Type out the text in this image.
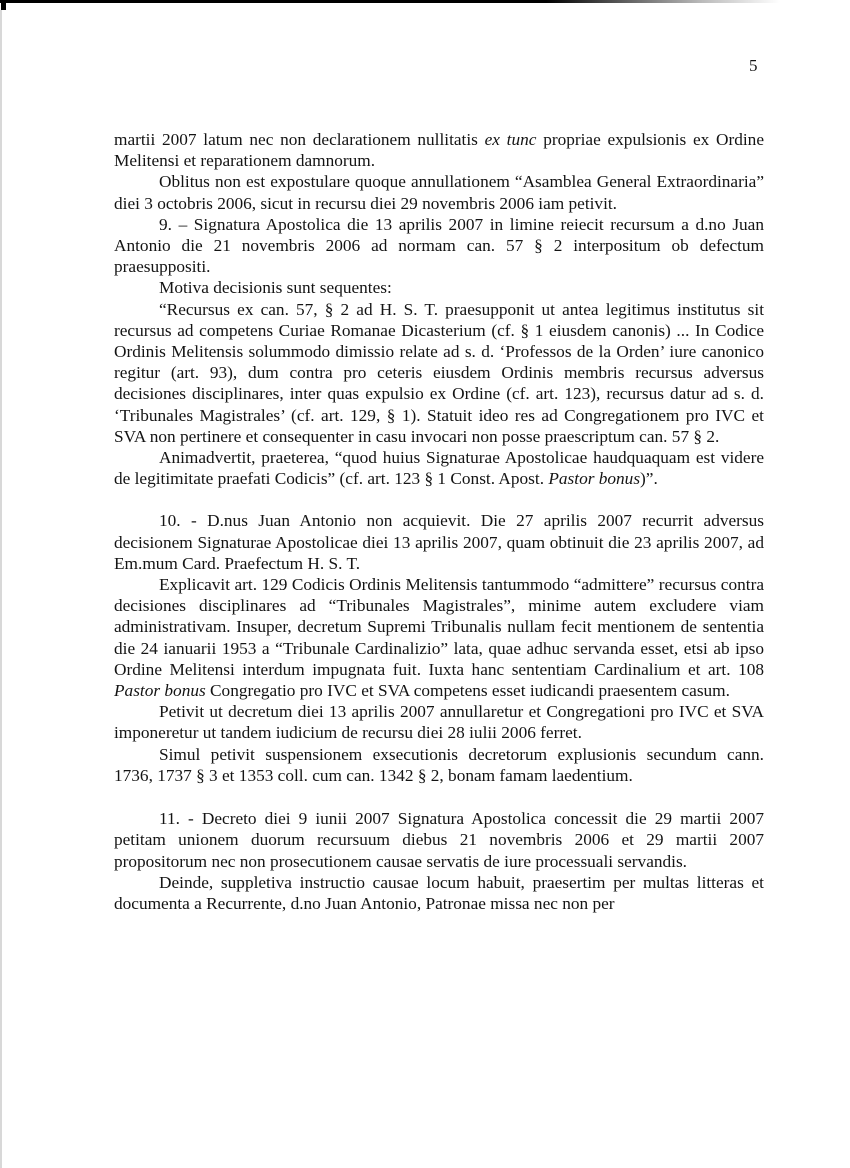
5

martii 2007 latum nec non declarationem nullitatis ex tunc propriae expulsionis ex Ordine Melitensi et reparationem damnorum.

Oblitus non est expostulare quoque annullationem “Asamblea General Extraordinaria” diei 3 octobris 2006, sicut in recursu diei 29 novembris 2006 iam petivit.

9. – Signatura Apostolica die 13 aprilis 2007 in limine reiecit recursum a d.no Juan Antonio die 21 novembris 2006 ad normam can. 57 § 2 interpositum ob defectum praesuppositi.

Motiva decisionis sunt sequentes:

“Recursus ex can. 57, § 2 ad H. S. T. praesupponit ut antea legitimus institutus sit recursus ad competens Curiae Romanae Dicasterium (cf. § 1 eiusdem canonis) ... In Codice Ordinis Melitensis solummodo dimissio relate ad s. d. ‘Professos de la Orden’ iure canonico regitur (art. 93), dum contra pro ceteris eiusdem Ordinis membris recursus adversus decisiones disciplinares, inter quas expulsio ex Ordine (cf. art. 123), recursus datur ad s. d. ‘Tribunales Magistrales’ (cf. art. 129, § 1). Statuit ideo res ad Congregationem pro IVC et SVA non pertinere et consequenter in casu invocari non posse praescriptum can. 57 § 2.

Animadvertit, praeterea, “quod huius Signaturae Apostolicae haudquaquam est videre de legitimitate praefati Codicis” (cf. art. 123 § 1 Const. Apost. Pastor bonus)”.

10. - D.nus Juan Antonio non acquievit. Die 27 aprilis 2007 recurrit adversus decisionem Signaturae Apostolicae diei 13 aprilis 2007, quam obtinuit die 23 aprilis 2007, ad Em.mum Card. Praefectum H. S. T.

Explicavit art. 129 Codicis Ordinis Melitensis tantummodo “admittere” recursus contra decisiones disciplinares ad “Tribunales Magistrales”, minime autem excludere viam administrativam. Insuper, decretum Supremi Tribunalis nullam fecit mentionem de sententia die 24 ianuarii 1953 a “Tribunale Cardinalizio” lata, quae adhuc servanda esset, etsi ab ipso Ordine Melitensi interdum impugnata fuit. Iuxta hanc sententiam Cardinalium et art. 108 Pastor bonus Congregatio pro IVC et SVA competens esset iudicandi praesentem casum.

Petivit ut decretum diei 13 aprilis 2007 annullaretur et Congregationi pro IVC et SVA imponeretur ut tandem iudicium de recursu diei 28 iulii 2006 ferret.

Simul petivit suspensionem exsecutionis decretorum explusionis secundum cann. 1736, 1737 § 3 et 1353 coll. cum can. 1342 § 2, bonam famam laedentium.

11. - Decreto diei 9 iunii 2007 Signatura Apostolica concessit die 29 martii 2007 petitam unionem duorum recursuum diebus 21 novembris 2006 et 29 martii 2007 propositorum nec non prosecutionem causae servatis de iure processuali servandis.

Deinde, suppletiva instructio causae locum habuit, praesertim per multas litteras et documenta a Recurrente, d.no Juan Antonio, Patronae missa nec non per
